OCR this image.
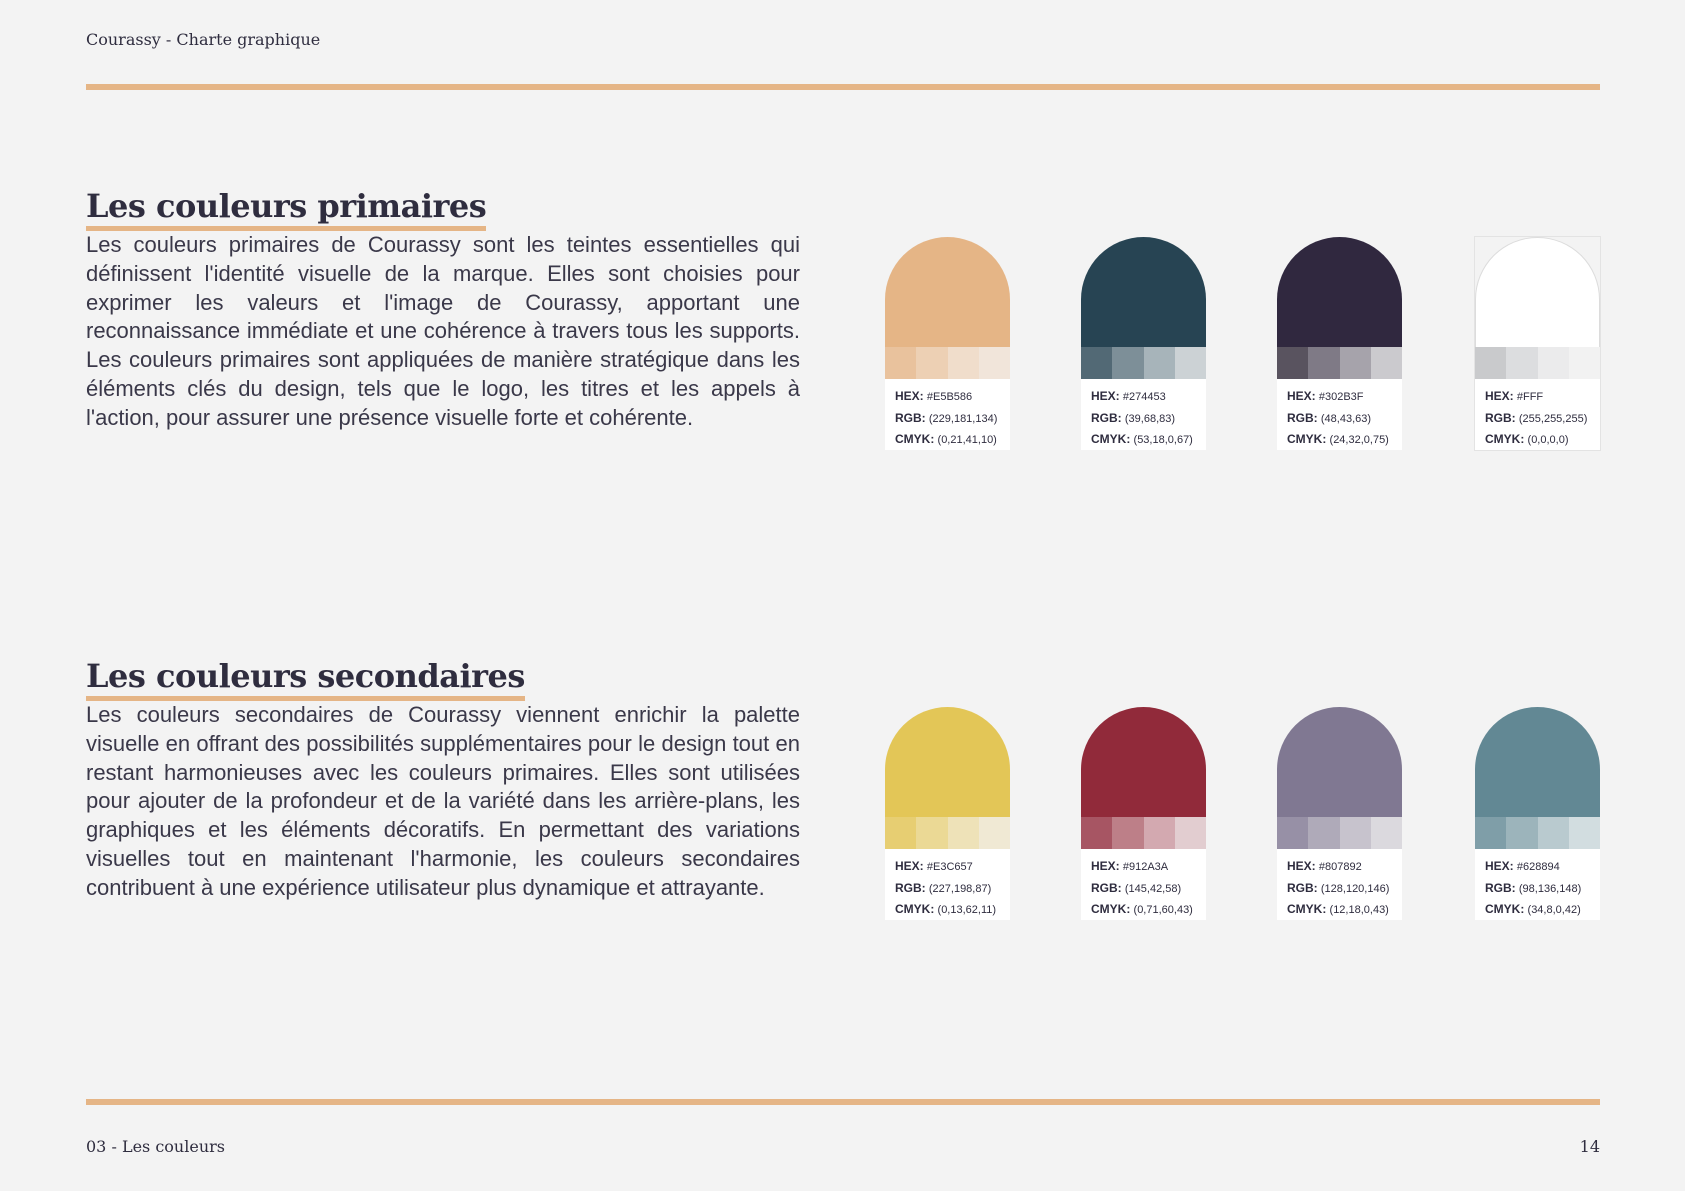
Courassy - Charte graphique
Les couleurs primaires

Les couleurs primaires de Courassy sont les teintes essentielles qui définissent l'identité visuelle de la marque. Elles sont choisies pour exprimer les valeurs et l'image de Courassy, apportant une reconnaissance immédiate et une cohérence à travers tous les supports. Les couleurs primaires sont appliquées de manière stratégique dans les éléments clés du design, tels que le logo, les titres et les appels à l'action, pour assurer une présence visuelle forte et cohérente.

HEX: #E5B586
RGB: (229,181,134)
CMYK: (0,21,41,10)
HEX: #274453
RGB: (39,68,83)
CMYK: (53,18,0,67)
HEX: #302B3F
RGB: (48,43,63)
CMYK: (24,32,0,75)
HEX: #FFF
RGB: (255,255,255)
CMYK: (0,0,0,0)
Les couleurs secondaires

Les couleurs secondaires de Courassy viennent enrichir la palette visuelle en offrant des possibilités supplémentaires pour le design tout en restant harmonieuses avec les couleurs primaires. Elles sont utilisées pour ajouter de la profondeur et de la variété dans les arrière-plans, les graphiques et les éléments décoratifs. En permettant des variations visuelles tout en maintenant l'harmonie, les couleurs secondaires contribuent à une expérience utilisateur plus dynamique et attrayante.

HEX: #E3C657
RGB: (227,198,87)
CMYK: (0,13,62,11)
HEX: #912A3A
RGB: (145,42,58)
CMYK: (0,71,60,43)
HEX: #807892
RGB: (128,120,146)
CMYK: (12,18,0,43)
HEX: #628894
RGB: (98,136,148)
CMYK: (34,8,0,42)
03 - Les couleurs	14
